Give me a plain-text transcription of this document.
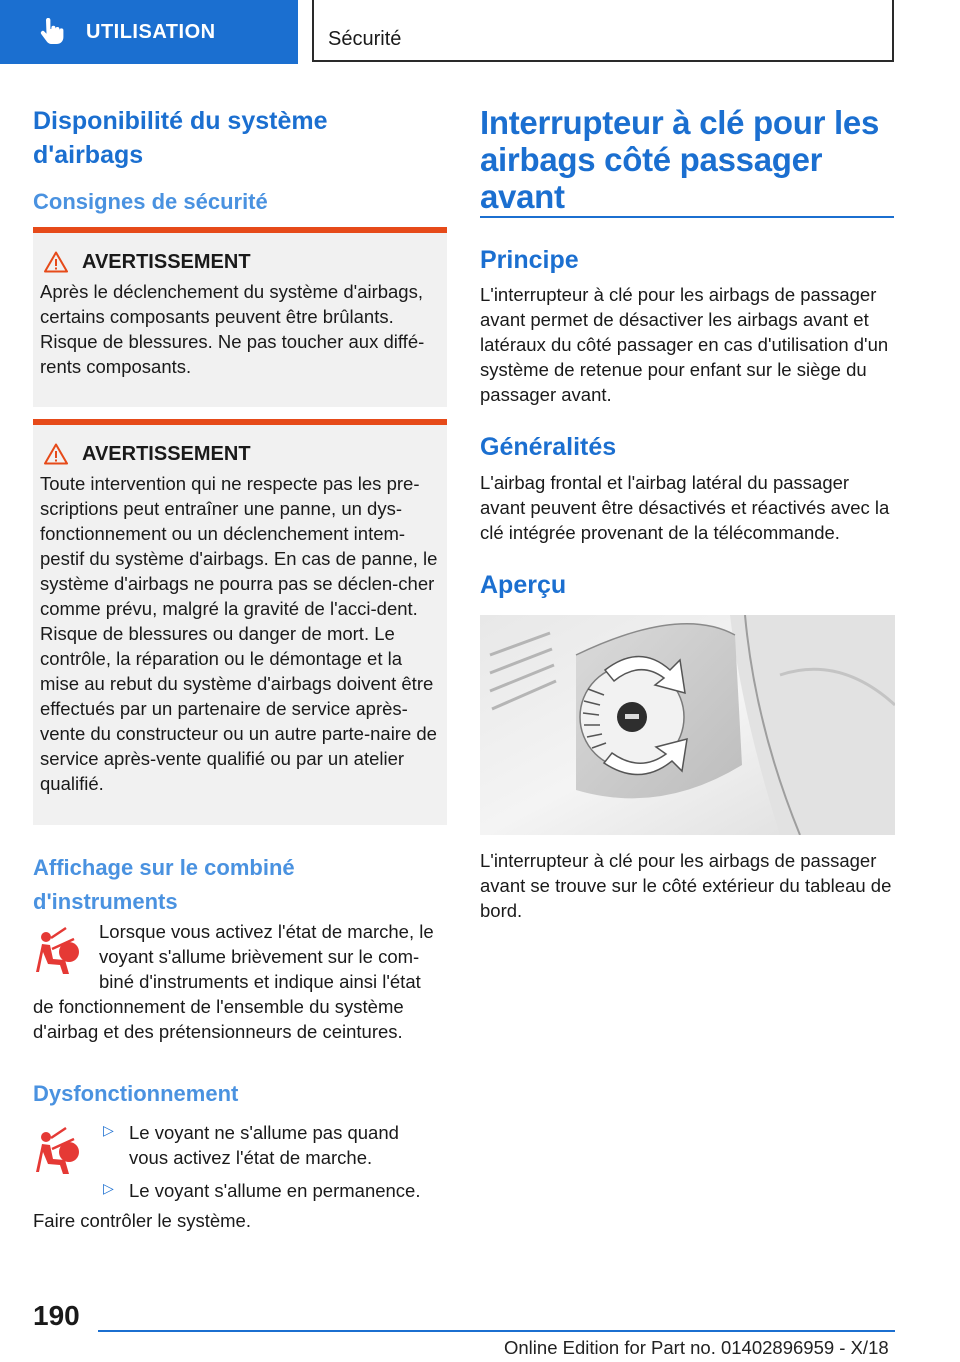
UTILISATION	Sécurité
Disponibilité du système d'airbags
Consignes de sécurité
AVERTISSEMENT

Après le déclenchement du système d'airbags, certains composants peuvent être brûlants. Risque de blessures. Ne pas toucher aux diffé-rents composants.

AVERTISSEMENT

Toute intervention qui ne respecte pas les pre-scriptions peut entraîner une panne, un dys-fonctionnement ou un déclenchement intem-pestif du système d'airbags. En cas de panne, le système d'airbags ne pourra pas se déclen-cher comme prévu, malgré la gravité de l'acci-dent. Risque de blessures ou danger de mort. Le contrôle, la réparation ou le démontage et la mise au rebut du système d'airbags doivent être effectués par un partenaire de service après-vente du constructeur ou un autre parte-naire de service après-vente qualifié ou par un atelier qualifié.

Affichage sur le combiné d'instruments

Lorsque vous activez l'état de marche, le voyant s'allume brièvement sur le com-biné d'instruments et indique ainsi l'état

de fonctionnement de l'ensemble du système d'airbag et des prétensionneurs de ceintures.

Dysfonctionnement
▷ Le voyant ne s'allume pas quand vous activez l'état de marche.

▷ Le voyant s'allume en permanence.

Faire contrôler le système.

Interrupteur à clé pour les airbags côté passager avant
Principe

L'interrupteur à clé pour les airbags de passager avant permet de désactiver les airbags avant et latéraux du côté passager en cas d'utilisation d'un système de retenue pour enfant sur le siège du passager avant.

Généralités

L'airbag frontal et l'airbag latéral du passager avant peuvent être désactivés et réactivés avec la clé intégrée provenant de la télécommande.

Aperçu

L'interrupteur à clé pour les airbags de passager avant se trouve sur le côté extérieur du tableau de bord.

190
Online Edition for Part no. 01402896959 - X/18
